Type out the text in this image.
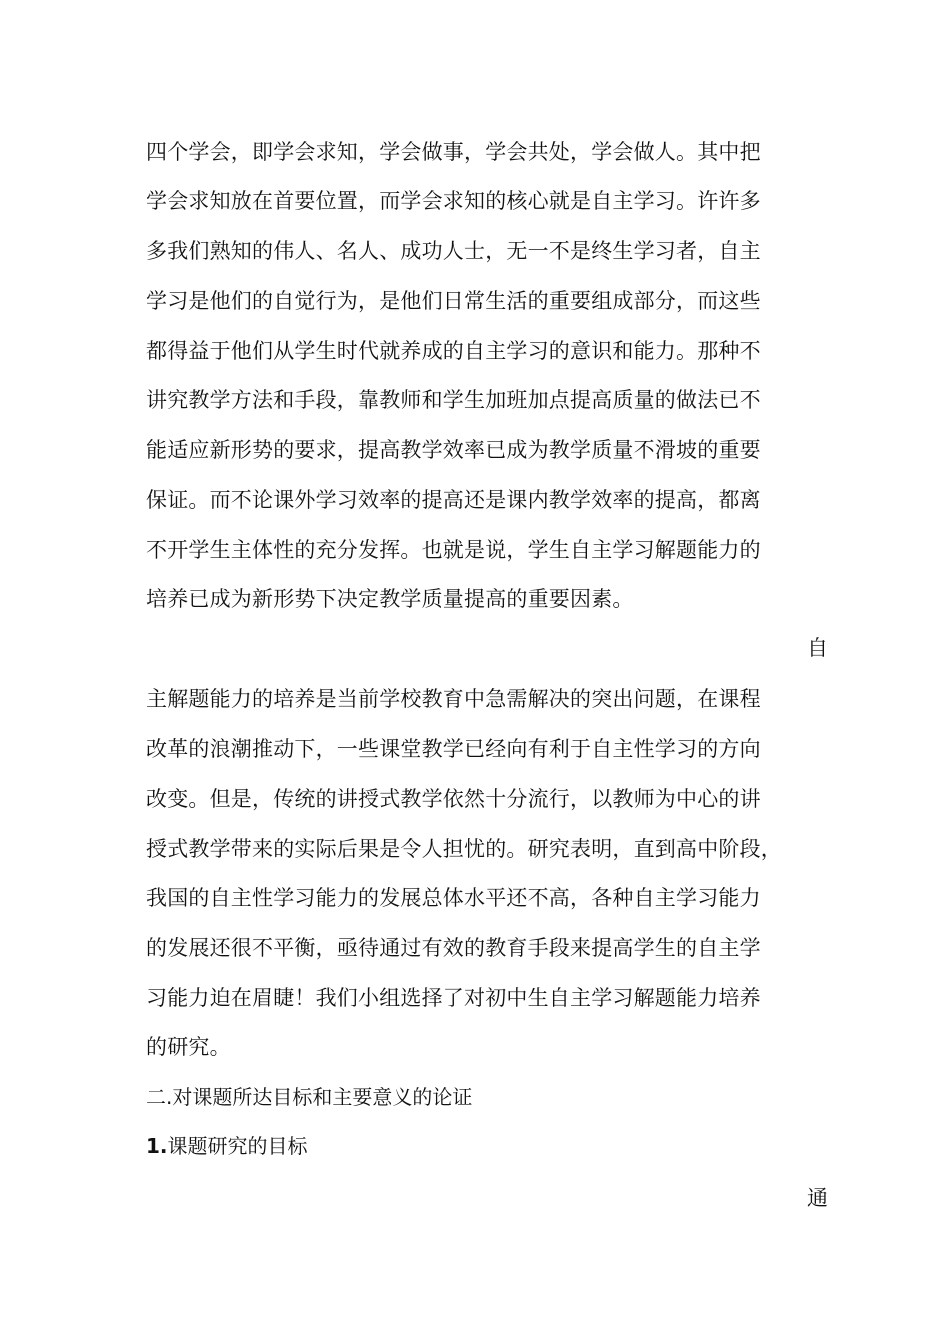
四个学会，即学会求知，学会做事，学会共处，学会做人。其中把
学会求知放在首要位置，而学会求知的核心就是自主学习。许许多
多我们熟知的伟人、名人、成功人士，无一不是终生学习者，自主
学习是他们的自觉行为，是他们日常生活的重要组成部分，而这些
都得益于他们从学生时代就养成的自主学习的意识和能力。那种不
讲究教学方法和手段，靠教师和学生加班加点提高质量的做法已不
能适应新形势的要求，提高教学效率已成为教学质量不滑坡的重要
保证。而不论课外学习效率的提高还是课内教学效率的提高，都离
不开学生主体性的充分发挥。也就是说，学生自主学习解题能力的
培养已成为新形势下决定教学质量提高的重要因素。
自
主解题能力的培养是当前学校教育中急需解决的突出问题，在课程
改革的浪潮推动下，一些课堂教学已经向有利于自主性学习的方向
改变。但是，传统的讲授式教学依然十分流行，以教师为中心的讲
授式教学带来的实际后果是令人担忧的。研究表明，直到高中阶段，
我国的自主性学习能力的发展总体水平还不高，各种自主学习能力
的发展还很不平衡，亟待通过有效的教育手段来提高学生的自主学
习能力迫在眉睫！我们小组选择了对初中生自主学习解题能力培养
的研究。
二.对课题所达目标和主要意义的论证
1.课题研究的目标
通
